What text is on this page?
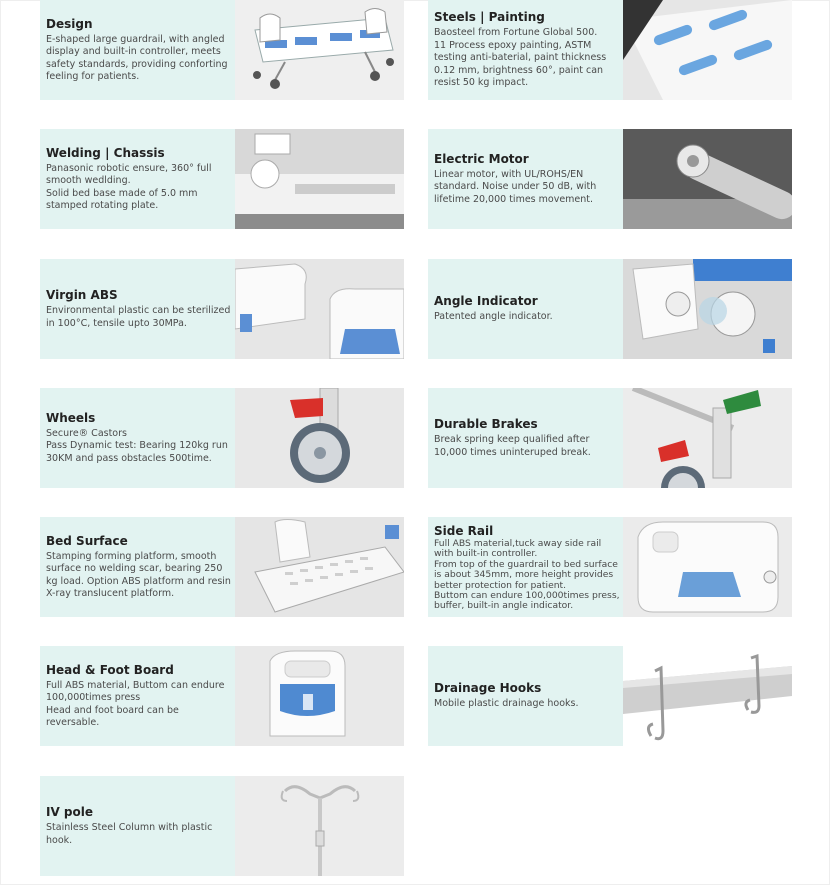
Design

E-shaped large guardrail, with angled display and built-in controller, meets safety standards, providing conforting feeling for patients.

Steels | Painting

Baosteel from Fortune Global 500.

11 Process epoxy painting, ASTM testing anti-baterial, paint thickness 0.12 mm, brightness 60°, paint can resist 50 kg impact.

Welding | Chassis

Panasonic robotic ensure, 360° full smooth wedlding.

Solid bed base made of 5.0 mm stamped rotating plate.

Electric Motor

Linear motor, with UL/ROHS/EN standard. Noise under 50 dB, with lifetime 20,000 times movement.

Virgin ABS

Environmental plastic can be sterilized in 100°C, tensile upto 30MPa.

Angle Indicator

Patented angle indicator.

Wheels

Secure® Castors

Pass Dynamic test: Bearing 120kg run 30KM and pass obstacles 500time.

Durable Brakes

Break spring keep qualified after 10,000 times uninteruped break.

Bed Surface

Stamping forming platform, smooth surface no welding scar, bearing 250 kg load. Option ABS platform and resin X-ray translucent platform.

Side Rail

Full ABS material,tuck away side rail with built-in controller.

From top of the guardrail to bed surface is about 345mm, more height provides better protection for patient.

Buttom can endure 100,000times press, buffer, built-in angle indicator.

Head & Foot Board

Full ABS material, Buttom can endure 100,000times press

Head and foot board can be reversable.

Drainage Hooks

Mobile plastic drainage hooks.

IV pole

Stainless Steel Column with plastic hook.
